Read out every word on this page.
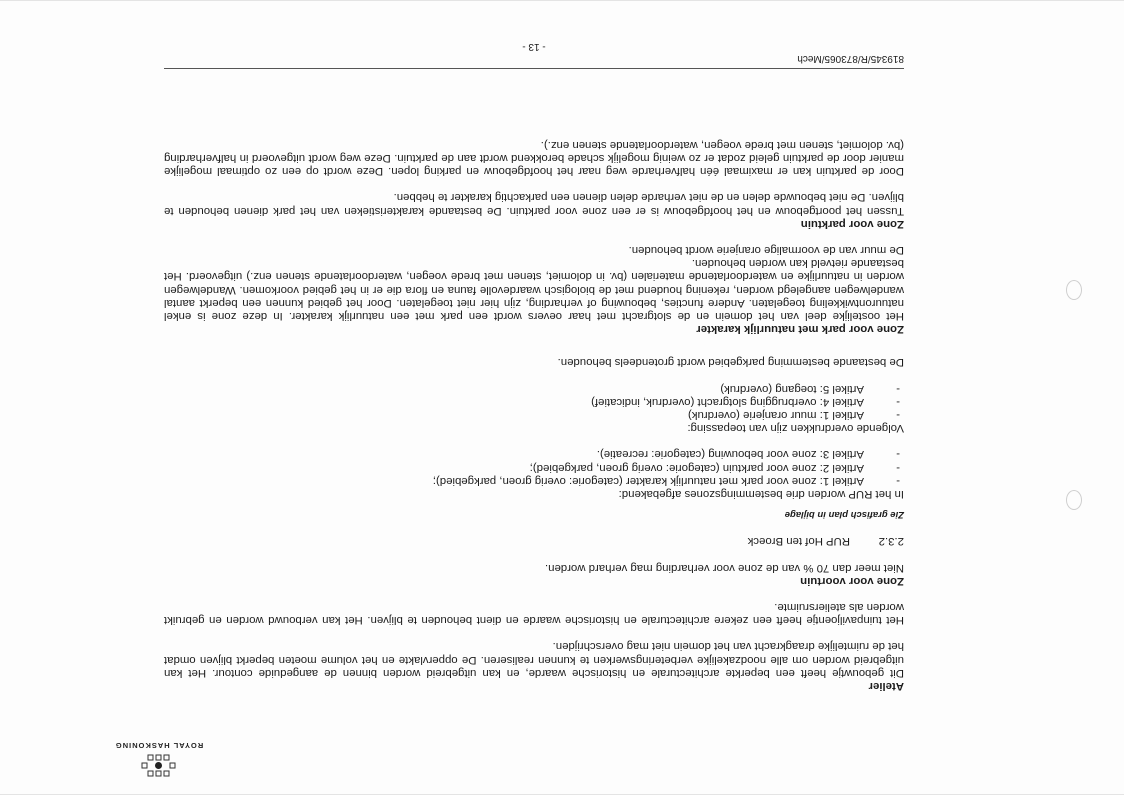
ROYAL HASKONING

Atelier

Dit gebouwtje heeft een beperkte architecturale en historische waarde, en kan uitgebreid worden binnen de aangeduide contour. Het kan uitgebreid worden om alle noodzakelijke verbeteringswerken te kunnen realiseren. De oppervlakte en het volume moeten beperkt blijven omdat het de ruimtelijke draagkracht van het domein niet mag overschrijden.

Het tuinpaviljoentje heeft een zekere architecturale en historische waarde en dient behouden te blijven. Het kan verbouwd worden en gebruikt worden als ateliersruimte.

Zone voor voortuin

Niet meer dan 70 % van de zone voor verharding mag verhard worden.

2.3.2
RUP Hof ten Broeck

Zie grafisch plan in bijlage

In het RUP worden drie bestemmingszones afgebakend:

-
Artikel 1: zone voor park met natuurlijk karakter (categorie: overig groen, parkgebied);
-
Artikel 2: zone voor parktuin (categorie: overig groen, parkgebied);
-
Artikel 3: zone voor bebouwing (categorie: recreatie).

Volgende overdrukken zijn van toepassing:

-
Artikel 1: muur oranjerie (overdruk)
-
Artikel 4: overbrugging slotgracht (overdruk, indicatief)
-
Artikel 5: toegang (overdruk)

De bestaande bestemming parkgebied wordt grotendeels behouden.

Zone voor park met natuurlijk karakter

Het oostelijke deel van het domein en de slotgracht met haar oevers wordt een park met een natuurlijk karakter. In deze zone is enkel natuurontwikkeling toegelaten. Andere functies, bebouwing of verharding, zijn hier niet toegelaten. Door het gebied kunnen een beperkt aantal wandelwegen aangelegd worden, rekening houdend met de biologisch waardevolle fauna en flora die er in het gebied voorkomen. Wandelwegen worden in natuurlijke en waterdoorlatende materialen (bv. in dolomiet, stenen met brede voegen, waterdoorlatende stenen enz.) uitgevoerd. Het bestaande rietveld kan worden behouden.

De muur van de voormalige oranjerie wordt behouden.

Zone voor parktuin

Tussen het poortgebouw en het hoofdgebouw is er een zone voor parktuin. De bestaande karakteristieken van het park dienen behouden te blijven. De niet bebouwde delen en de niet verharde delen dienen een parkachtig karakter te hebben.

Door de parktuin kan er maximaal één halfverharde weg naar het hoofdgebouw en parking lopen. Deze wordt op een zo optimaal mogelijke manier door de parktuin geleid zodat er zo weinig mogelijk schade berokkend wordt aan de parktuin. Deze weg wordt uitgevoerd in halfverharding (bv. dolomiet, stenen met brede voegen, waterdoorlatende stenen enz.).

819345/R/873065/Mech
- 13 -
